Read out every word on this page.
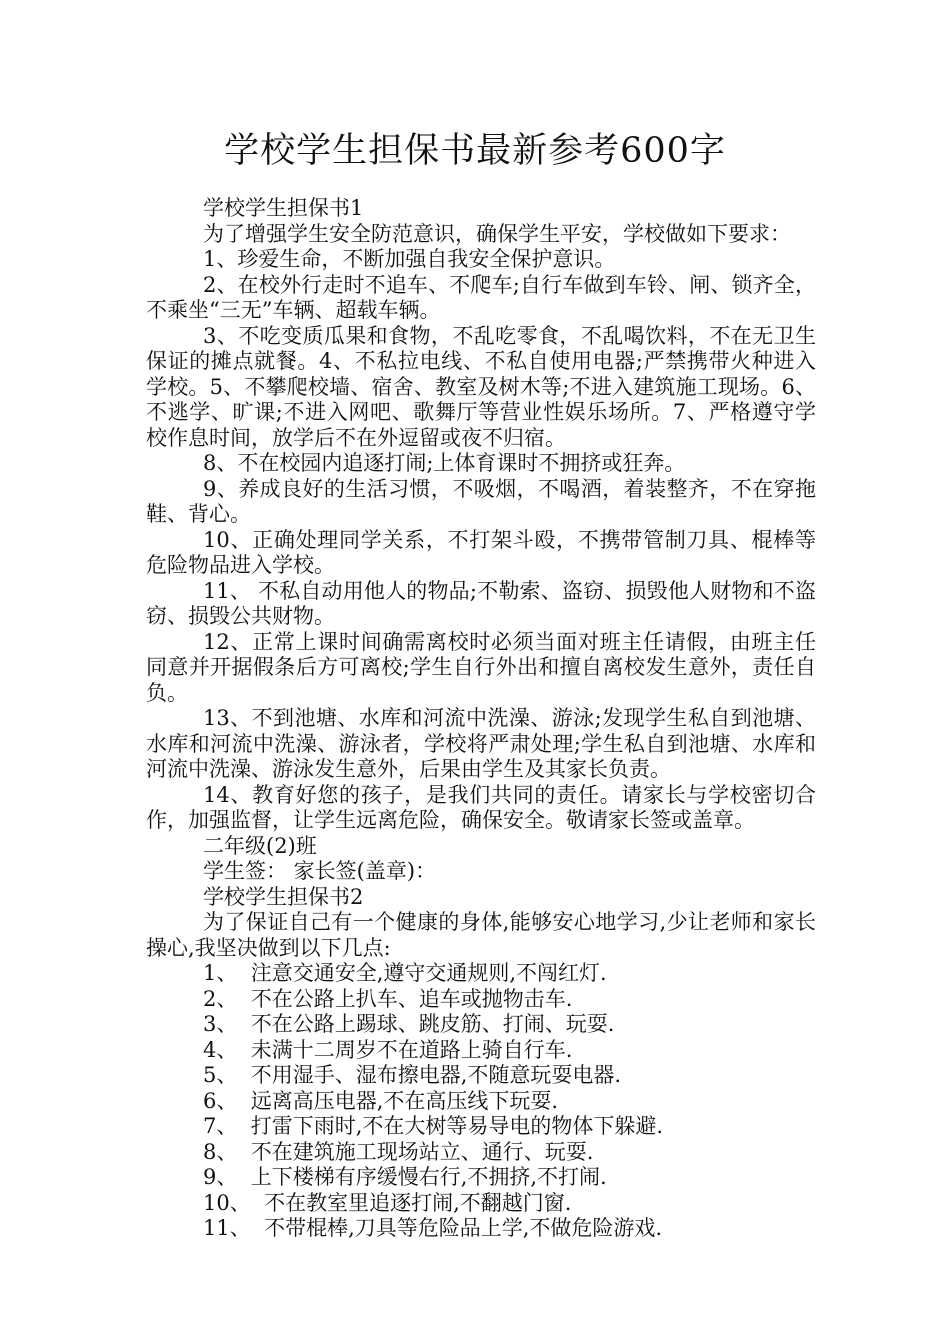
学校学生担保书最新参考600字

学校学生担保书1

为了增强学生安全防范意识，确保学生平安，学校做如下要求：

1、珍爱生命，不断加强自我安全保护意识。

2、在校外行走时不追车、不爬车;自行车做到车铃、闸、锁齐全，不乘坐“三无”车辆、超载车辆。

3、不吃变质瓜果和食物，不乱吃零食，不乱喝饮料，不在无卫生保证的摊点就餐。4、不私拉电线、不私自使用电器;严禁携带火种进入学校。5、不攀爬校墙、宿舍、教室及树木等;不进入建筑施工现场。6、不逃学、旷课;不进入网吧、歌舞厅等营业性娱乐场所。7、严格遵守学校作息时间，放学后不在外逗留或夜不归宿。

8、不在校园内追逐打闹;上体育课时不拥挤或狂奔。

9、养成良好的生活习惯，不吸烟，不喝酒，着装整齐，不在穿拖鞋、背心。

10、正确处理同学关系，不打架斗殴，不携带管制刀具、棍棒等危险物品进入学校。

11、 不私自动用他人的物品;不勒索、盗窃、损毁他人财物和不盗窃、损毁公共财物。

12、正常上课时间确需离校时必须当面对班主任请假，由班主任同意并开据假条后方可离校;学生自行外出和擅自离校发生意外，责任自负。

13、不到池塘、水库和河流中洗澡、游泳;发现学生私自到池塘、水库和河流中洗澡、游泳者，学校将严肃处理;学生私自到池塘、水库和河流中洗澡、游泳发生意外，后果由学生及其家长负责。

14、教育好您的孩子，是我们共同的责任。请家长与学校密切合作，加强监督，让学生远离危险，确保安全。敬请家长签或盖章。

二年级(2)班

学生签： 家长签(盖章)：

学校学生担保书2

为了保证自己有一个健康的身体,能够安心地学习,少让老师和家长操心,我坚决做到以下几点:

1、  注意交通安全,遵守交通规则,不闯红灯.

2、  不在公路上扒车、追车或抛物击车.

3、  不在公路上踢球、跳皮筋、打闹、玩耍.

4、  未满十二周岁不在道路上骑自行车.

5、  不用湿手、湿布擦电器,不随意玩耍电器.

6、  远离高压电器,不在高压线下玩耍.

7、  打雷下雨时,不在大树等易导电的物体下躲避.

8、  不在建筑施工现场站立、通行、玩耍.

9、  上下楼梯有序缓慢右行,不拥挤,不打闹.

10、  不在教室里追逐打闹,不翻越门窗.

11、  不带棍棒,刀具等危险品上学,不做危险游戏.
